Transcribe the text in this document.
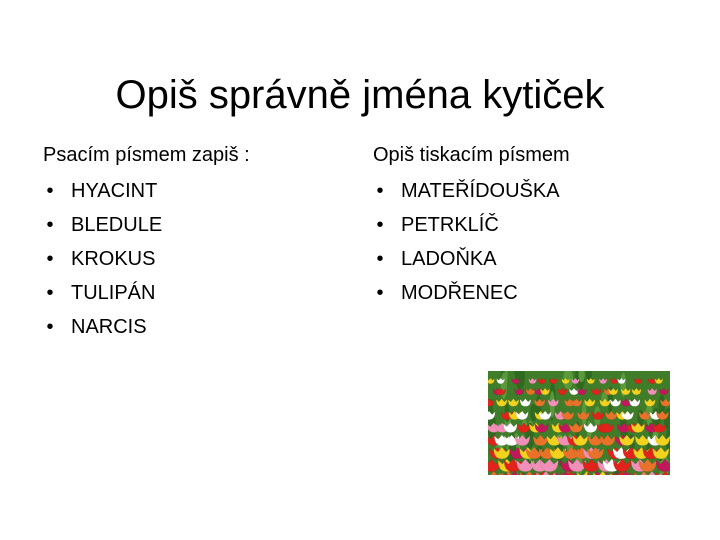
Opiš správně jména kytiček
Psacím písmem zapiš :
• HYACINT
• BLEDULE
• KROKUS
• TULIPÁN
• NARCIS
Opiš tiskacím písmem
• MATEŘÍDOUŠKA
• PETRKLÍČ
• LADOŇKA
• MODŘENEC
